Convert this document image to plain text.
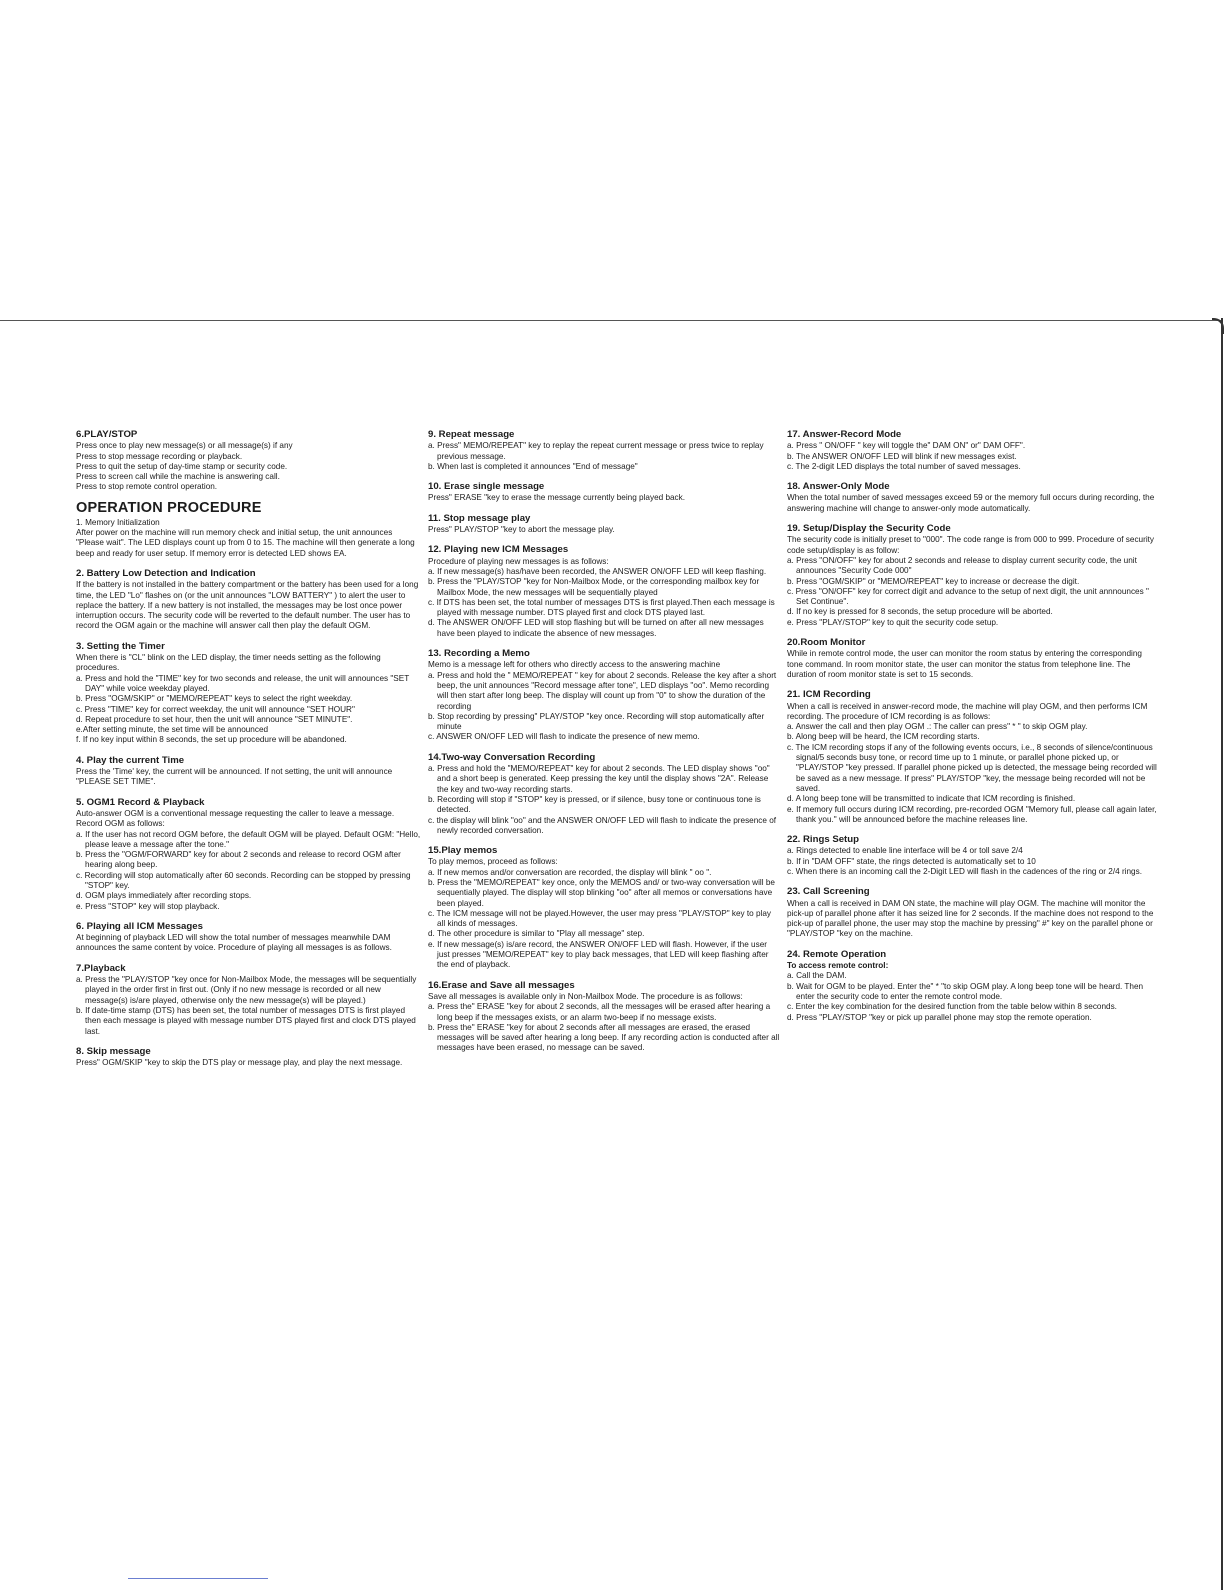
6.PLAY/STOP
Press once to play new message(s) or all message(s) if any
Press to stop message recording or playback.
Press to quit the setup of day-time stamp or security code.
Press to screen call while the machine is answering call.
Press to stop remote control operation.
OPERATION PROCEDURE
1. Memory Initialization
After power on the machine will run memory check and initial setup, the unit announces "Please wait". The LED displays count up from 0 to 15. The machine will then generate a long beep and ready for user setup. If memory error is detected LED shows EA.
2. Battery Low Detection and Indication
If the battery is not installed in the battery compartment or the battery has been used for a long time, the LED "Lo" flashes on (or the unit announces "LOW BATTERY" ) to alert the user to replace the battery. If a new battery is not installed, the messages may be lost once power interruption occurs. The security code will be reverted to the default number. The user has to record the OGM again or the machine will answer call then play the default OGM.
3. Setting the Timer
When there is "CL" blink on the LED display, the timer needs setting as the following procedures.
a. Press and hold the "TIME" key for two seconds and release, the unit will announces "SET DAY" while voice weekday played.
b. Press "OGM/SKIP" or "MEMO/REPEAT" keys to select the right weekday.
c. Press "TIME" key for correct weekday, the unit will announce "SET HOUR"
d. Repeat procedure to set hour, then the unit will announce "SET MINUTE".
e.After setting minute, the set time will be announced
f. If no key input within 8 seconds, the set up procedure will be abandoned.
4. Play the current Time
Press the 'Time' key, the current will be announced. If not setting, the unit will announce "PLEASE SET TIME".
5. OGM1 Record & Playback
Auto-answer OGM is a conventional message requesting the caller to leave a message. Record OGM as follows:
a. If the user has not record OGM before, the default OGM will be played. Default OGM: "Hello, please leave a message after the tone."
b. Press the "OGM/FORWARD" key for about 2 seconds and release to record OGM after hearing along beep.
c. Recording will stop automatically after 60 seconds. Recording can be stopped by pressing "STOP" key.
d. OGM plays immediately after recording stops.
e. Press "STOP" key will stop playback.
6. Playing all ICM Messages
At beginning of playback LED will show the total number of messages meanwhile DAM announces the same content by voice. Procedure of playing all messages is as follows.
7.Playback
a. Press the "PLAY/STOP "key once for Non-Mailbox Mode, the messages will be sequentially played in the order first in first out. (Only if no new message is recorded or all new message(s) is/are played, otherwise only the new message(s) will be played.)
b. If date-time stamp (DTS) has been set, the total number of messages DTS is first played then each message is played with message number DTS played first and clock DTS played last.
8. Skip message
Press" OGM/SKIP "key to skip the DTS play or message play, and play the next message.
9. Repeat message
a. Press" MEMO/REPEAT" key to replay the repeat current message or press twice to replay previous message.
b. When last is completed it announces "End of message"
10. Erase single message
Press" ERASE "key to erase the message currently being played back.
11. Stop message play
Press" PLAY/STOP "key to abort the message play.
12. Playing new ICM Messages
Procedure of playing new messages is as follows:
a. If new message(s) has/have been recorded, the ANSWER ON/OFF LED will keep flashing.
b. Press the "PLAY/STOP "key for Non-Mailbox Mode, or the corresponding mailbox key for Mailbox Mode, the new messages will be sequentially played
c. If DTS has been set, the total number of messages DTS is first played.Then each message is played with message number. DTS played first and clock DTS played last.
d. The ANSWER ON/OFF LED will stop flashing but will be turned on after all new messages have been played to indicate the absence of new messages.
13. Recording a Memo
Memo is a message left for others who directly access to the answering machine
a. Press and hold the " MEMO/REPEAT " key for about 2 seconds. Release the key after a short beep, the unit announces "Record message after tone", LED displays "oo". Memo recording will then start after long beep. The display will count up from "0" to show the duration of the recording
b. Stop recording by pressing" PLAY/STOP "key once. Recording will stop automatically after minute
c. ANSWER ON/OFF LED will flash to indicate the presence of new memo.
14.Two-way Conversation Recording
a. Press and hold the "MEMO/REPEAT" key for about 2 seconds. The LED display shows "oo" and a short beep is generated. Keep pressing the key until the display shows "2A". Release the key and two-way recording starts.
b. Recording will stop if "STOP" key is pressed, or if silence, busy tone or continuous tone is detected.
c. the display will blink "oo" and the ANSWER ON/OFF LED will flash to indicate the presence of newly recorded conversation.
15.Play memos
To play memos, proceed as follows:
a. If new memos and/or conversation are recorded, the display will blink " oo ".
b. Press the "MEMO/REPEAT" key once, only the MEMOS and/ or two-way conversation will be sequentially played. The display will stop blinking "oo" after all memos or conversations have been played.
c. The ICM message will not be played.However, the user may press "PLAY/STOP" key to play all kinds of messages.
d. The other procedure is similar to "Play all message" step.
e. If new message(s) is/are record, the ANSWER ON/OFF LED will flash. However, if the user just presses "MEMO/REPEAT" key to play back messages, that LED will keep flashing after the end of playback.
16.Erase and Save all messages
Save all messages is available only in Non-Mailbox Mode. The procedure is as follows:
a. Press the" ERASE "key for about 2 seconds, all the messages will be erased after hearing a long beep if the messages exists, or an alarm two-beep if no message exists.
b. Press the" ERASE "key for about 2 seconds after all messages are erased, the erased messages will be saved after hearing a long beep. If any recording action is conducted after all messages have been erased, no message can be saved.
17. Answer-Record Mode
a. Press " ON/OFF " key will toggle the" DAM ON" or" DAM OFF".
b. The ANSWER ON/OFF LED will blink if new messages exist.
c. The 2-digit LED displays the total number of saved messages.
18. Answer-Only Mode
When the total number of saved messages exceed 59 or the memory full occurs during recording, the answering machine will change to answer-only mode automatically.
19. Setup/Display the Security Code
The security code is initially preset to "000". The code range is from 000 to 999. Procedure of security code setup/display is as follow:
a. Press "ON/OFF" key for about 2 seconds and release to display current security code, the unit announces "Security Code 000"
b. Press "OGM/SKIP" or "MEMO/REPEAT" key to increase or decrease the digit.
c. Press "ON/OFF" key for correct digit and advance to the setup of next digit, the unit annnounces " Set Continue".
d. If no key is pressed for 8 seconds, the setup procedure will be aborted.
e. Press "PLAY/STOP" key to quit the security code setup.
20.Room Monitor
While in remote control mode, the user can monitor the room status by entering the corresponding tone command. In room monitor state, the user can monitor the status from telephone line. The duration of room monitor state is set to 15 seconds.
21. ICM Recording
When a call is received in answer-record mode, the machine will play OGM, and then performs ICM recording. The procedure of ICM recording is as follows:
a. Answer the call and then play OGM .: The caller can press" * " to skip OGM play.
b. Along beep will be heard, the ICM recording starts.
c. The ICM recording stops if any of the following events occurs, i.e., 8 seconds of silence/continuous signal/5 seconds busy tone, or record time up to 1 minute, or parallel phone picked up, or "PLAY/STOP "key pressed. If parallel phone picked up is detected, the message being recorded will be saved as a new message. If press" PLAY/STOP "key, the message being recorded will not be saved.
d. A long beep tone will be transmitted to indicate that ICM recording is finished.
e. If memory full occurs during ICM recording, pre-recorded OGM "Memory full, please call again later, thank you." will be announced before the machine releases line.
22. Rings Setup
a. Rings detected to enable line interface will be 4 or toll save 2/4
b. If in "DAM OFF" state, the rings detected is automatically set to 10
c. When there is an incoming call the 2-Digit LED will flash in the cadences of the ring or 2/4 rings.
23. Call Screening
When a call is received in DAM ON state, the machine will play OGM. The machine will monitor the pick-up of parallel phone after it has seized line for 2 seconds. If the machine does not respond to the pick-up of parallel phone, the user may stop the machine by pressing" #" key on the parallel phone or "PLAY/STOP "key on the machine.
24. Remote Operation
To access remote control:
a. Call the DAM.
b. Wait for OGM to be played. Enter the" * "to skip OGM play. A long beep tone will be heard. Then enter the security code to enter the remote control mode.
c. Enter the key combination for the desired function from the table below within 8 seconds.
d. Press "PLAY/STOP "key or pick up parallel phone may stop the remote operation.
